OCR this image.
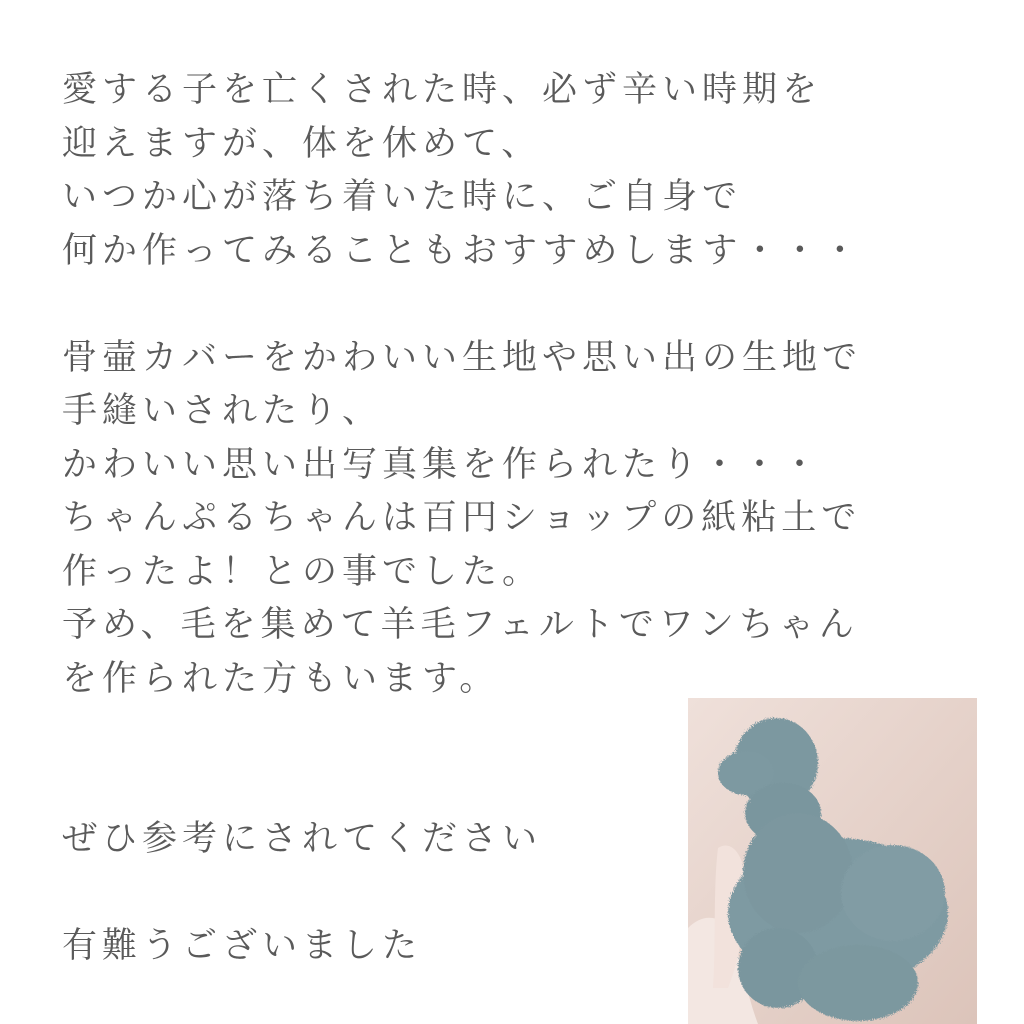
愛する子を亡くされた時、必ず辛い時期を
迎えますが、体を休めて、
いつか心が落ち着いた時に、ご自身で
何か作ってみることもおすすめします・・・
骨壷カバーをかわいい生地や思い出の生地で
手縫いされたり、
かわいい思い出写真集を作られたり・・・
ちゃんぷるちゃんは百円ショップの紙粘土で
作ったよ！との事でした。
予め、毛を集めて羊毛フェルトでワンちゃん
を作られた方もいます。
ぜひ参考にされてください
有難うございました
